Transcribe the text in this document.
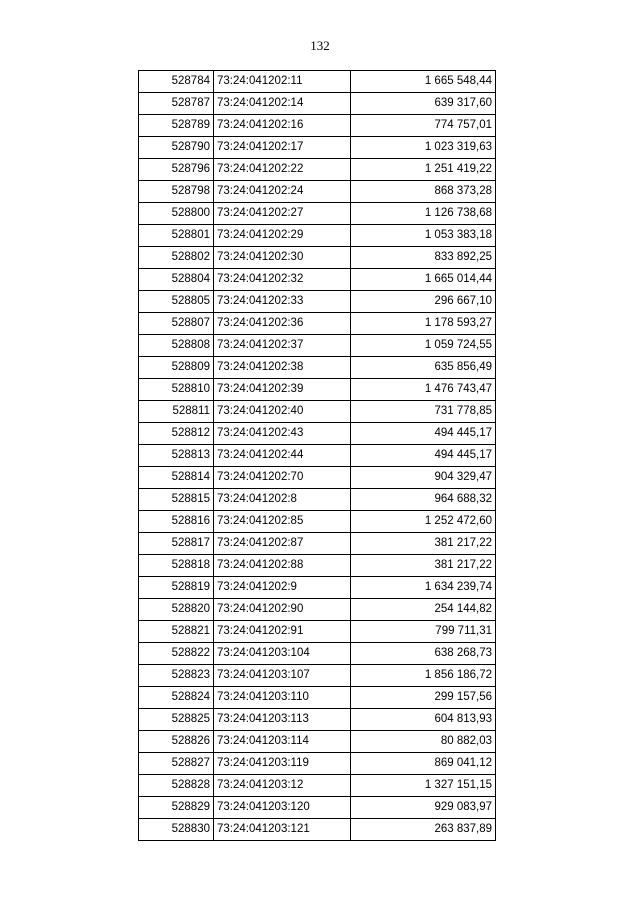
132
528784	73:24:041202:11	1 665 548,44
528787	73:24:041202:14	639 317,60
528789	73:24:041202:16	774 757,01
528790	73:24:041202:17	1 023 319,63
528796	73:24:041202:22	1 251 419,22
528798	73:24:041202:24	868 373,28
528800	73:24:041202:27	1 126 738,68
528801	73:24:041202:29	1 053 383,18
528802	73:24:041202:30	833 892,25
528804	73:24:041202:32	1 665 014,44
528805	73:24:041202:33	296 667,10
528807	73:24:041202:36	1 178 593,27
528808	73:24:041202:37	1 059 724,55
528809	73:24:041202:38	635 856,49
528810	73:24:041202:39	1 476 743,47
528811	73:24:041202:40	731 778,85
528812	73:24:041202:43	494 445,17
528813	73:24:041202:44	494 445,17
528814	73:24:041202:70	904 329,47
528815	73:24:041202:8	964 688,32
528816	73:24:041202:85	1 252 472,60
528817	73:24:041202:87	381 217,22
528818	73:24:041202:88	381 217,22
528819	73:24:041202:9	1 634 239,74
528820	73:24:041202:90	254 144,82
528821	73:24:041202:91	799 711,31
528822	73:24:041203:104	638 268,73
528823	73:24:041203:107	1 856 186,72
528824	73:24:041203:110	299 157,56
528825	73:24:041203:113	604 813,93
528826	73:24:041203:114	80 882,03
528827	73:24:041203:119	869 041,12
528828	73:24:041203:12	1 327 151,15
528829	73:24:041203:120	929 083,97
528830	73:24:041203:121	263 837,89
